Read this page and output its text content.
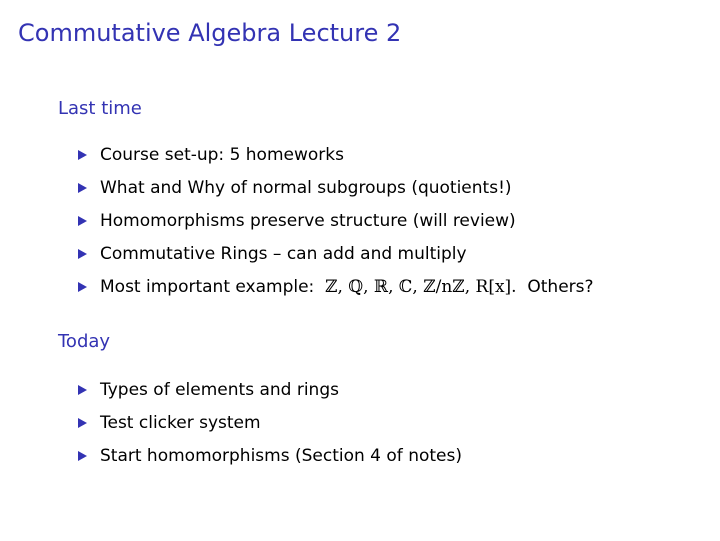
Commutative Algebra Lecture 2
Last time
Course set-up: 5 homeworks
What and Why of normal subgroups (quotients!)
Homomorphisms preserve structure (will review)
Commutative Rings – can add and multiply
Most important example: ℤ, ℚ, ℝ, ℂ, ℤ/nℤ, R[x]. Others?
Today
Types of elements and rings
Test clicker system
Start homomorphisms (Section 4 of notes)
